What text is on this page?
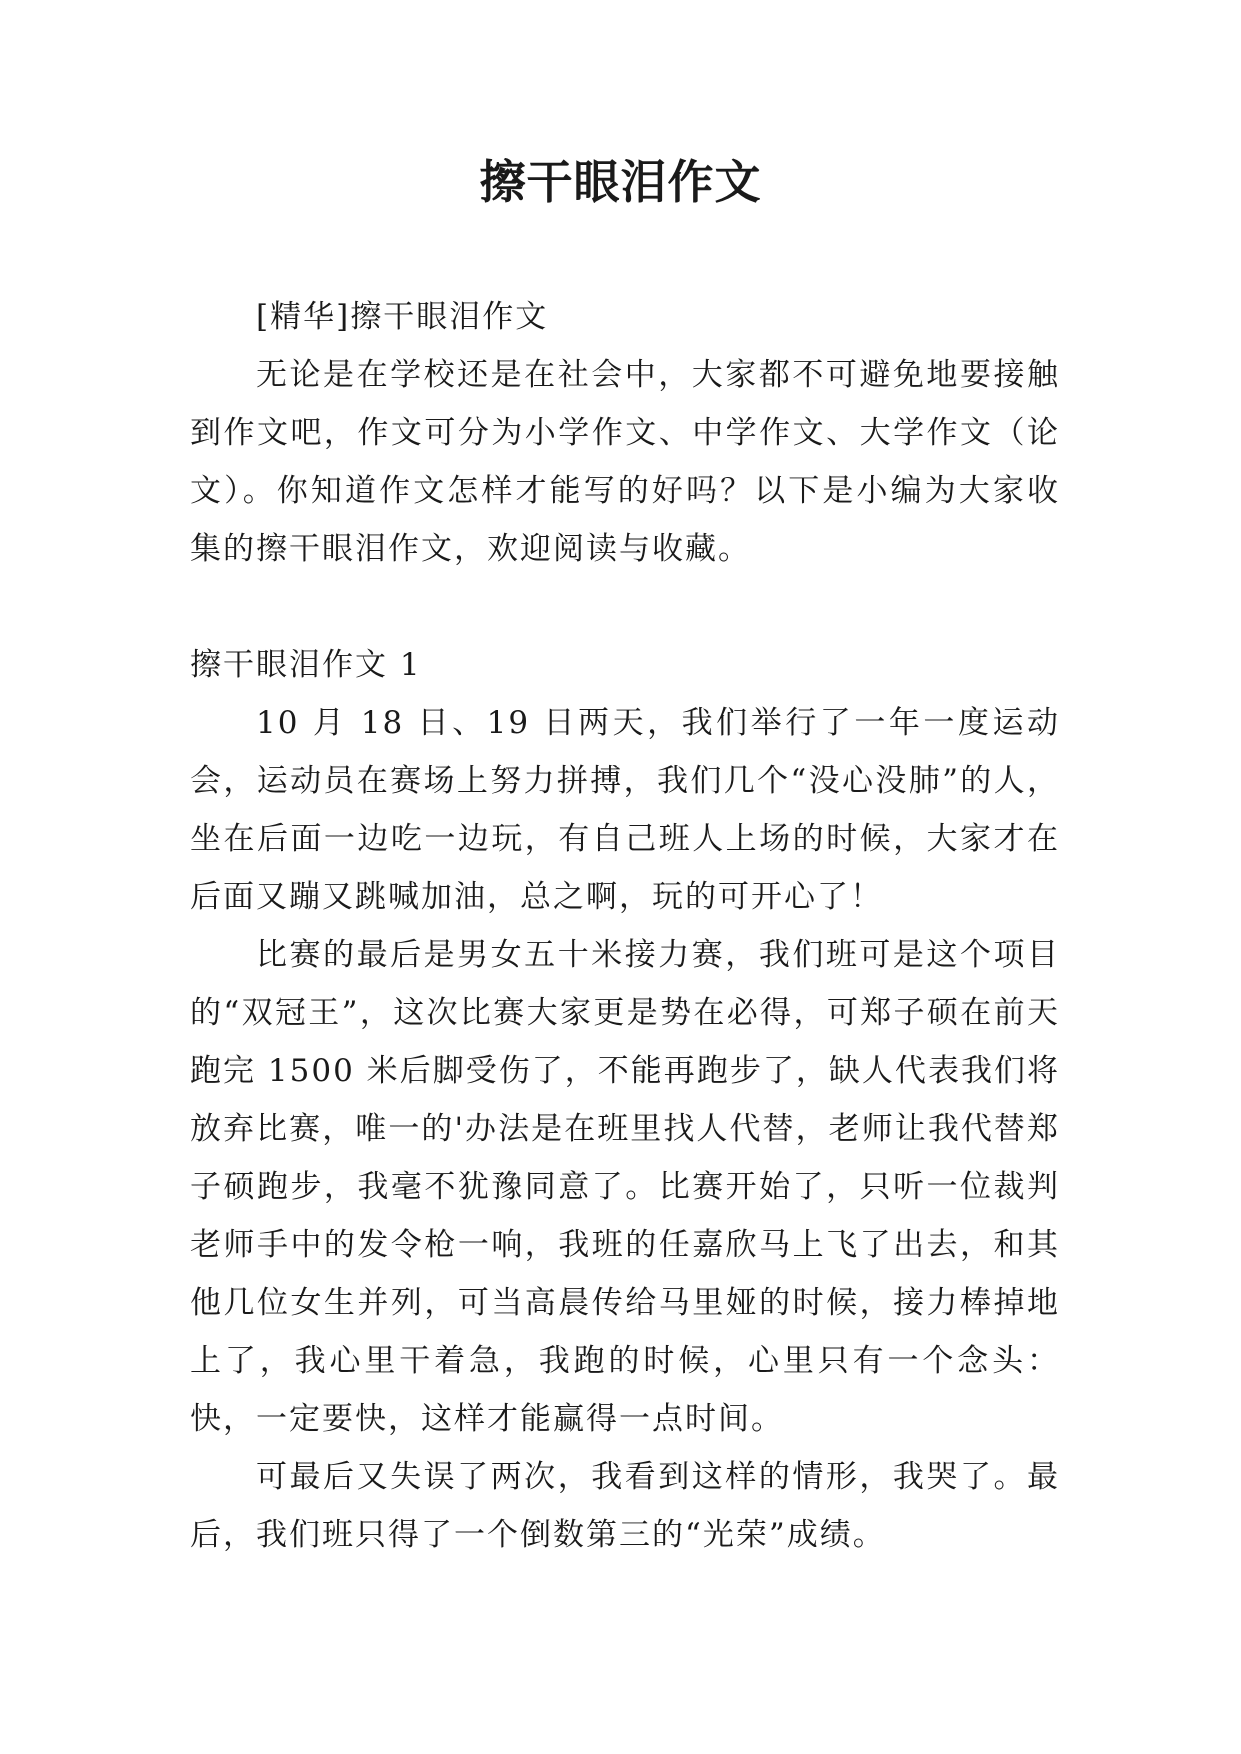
擦干眼泪作文

[精华]擦干眼泪作文

无论是在学校还是在社会中，大家都不可避免地要接触到作文吧，作文可分为小学作文、中学作文、大学作文（论文）。你知道作文怎样才能写的好吗？以下是小编为大家收集的擦干眼泪作文，欢迎阅读与收藏。

擦干眼泪作文 1

10 月 18 日、19 日两天，我们举行了一年一度运动会，运动员在赛场上努力拼搏，我们几个“没心没肺”的人，坐在后面一边吃一边玩，有自己班人上场的时候，大家才在后面又蹦又跳喊加油，总之啊，玩的可开心了！

比赛的最后是男女五十米接力赛，我们班可是这个项目的“双冠王”，这次比赛大家更是势在必得，可郑子硕在前天跑完 1500 米后脚受伤了，不能再跑步了，缺人代表我们将放弃比赛，唯一的'办法是在班里找人代替，老师让我代替郑子硕跑步，我毫不犹豫同意了。比赛开始了，只听一位裁判老师手中的发令枪一响，我班的任嘉欣马上飞了出去，和其他几位女生并列，可当高晨传给马里娅的时候，接力棒掉地上了，我心里干着急，我跑的时候，心里只有一个念头：快，一定要快，这样才能赢得一点时间。

可最后又失误了两次，我看到这样的情形，我哭了。最后，我们班只得了一个倒数第三的“光荣”成绩。
